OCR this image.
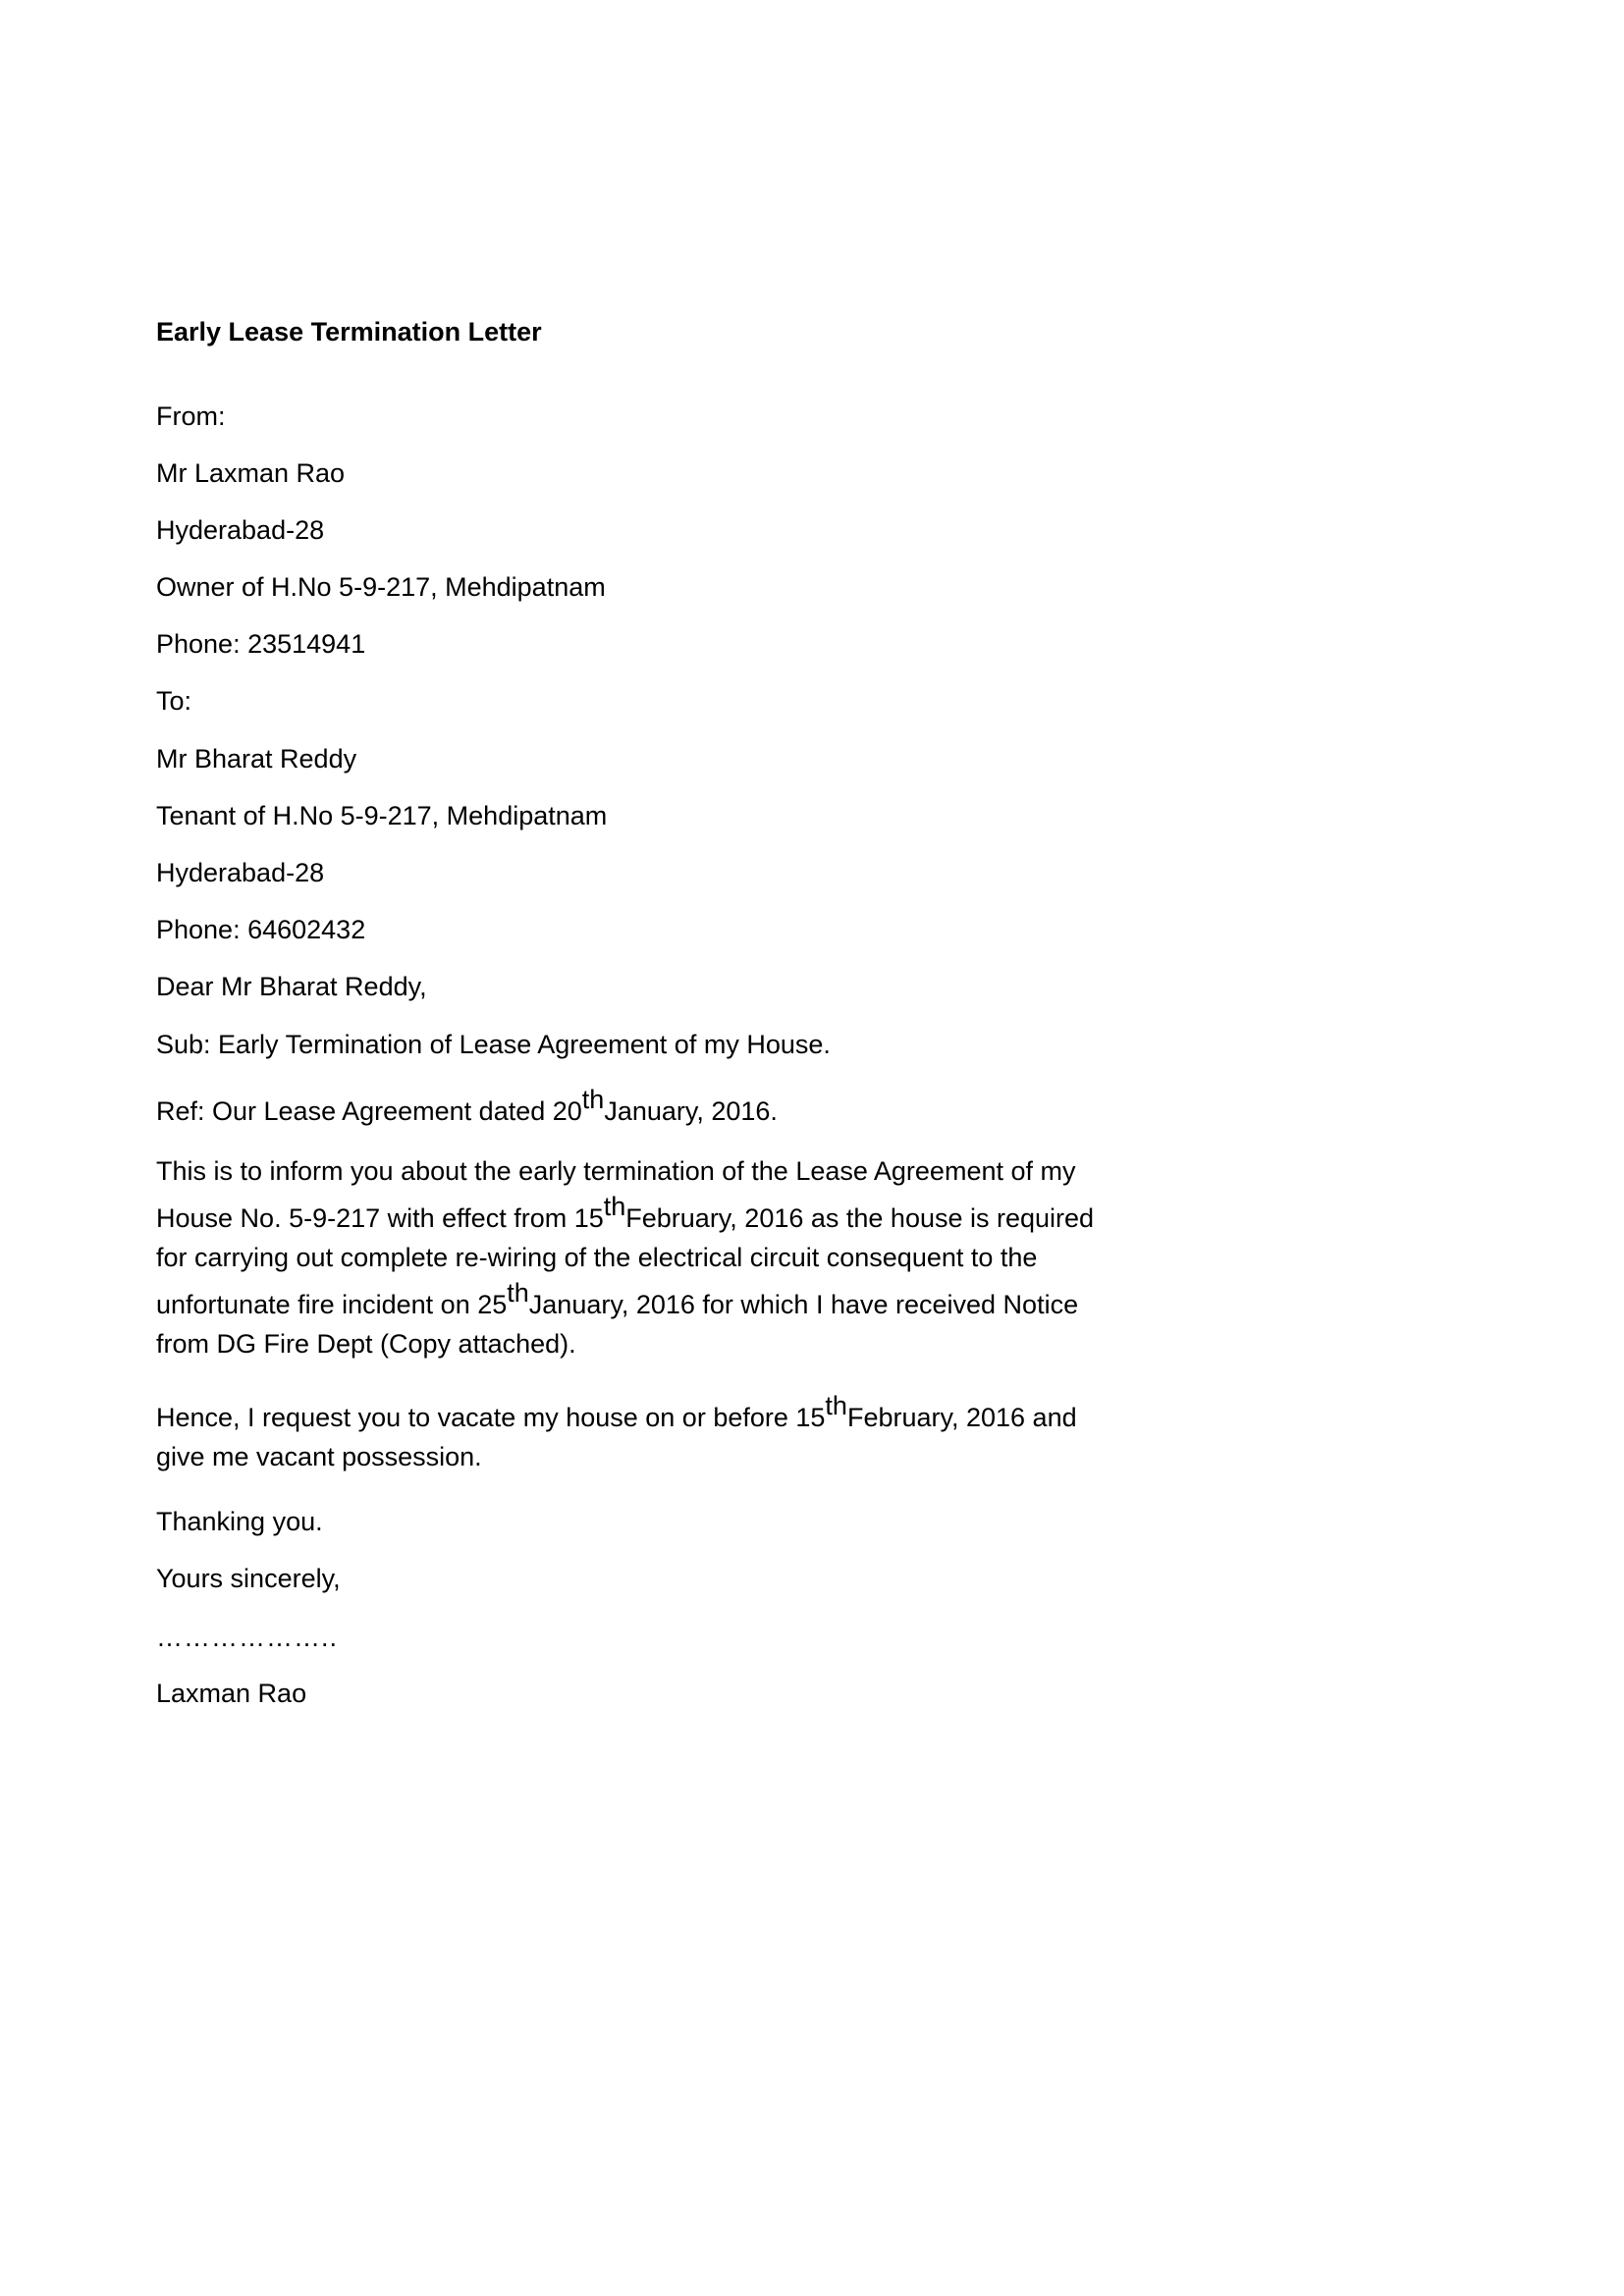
Early Lease Termination Letter
From:
Mr Laxman Rao
Hyderabad-28
Owner of H.No 5-9-217, Mehdipatnam
Phone: 23514941
To:
Mr Bharat Reddy
Tenant of H.No 5-9-217, Mehdipatnam
Hyderabad-28
Phone: 64602432
Dear Mr Bharat Reddy,
Sub: Early Termination of Lease Agreement of my House.
Ref: Our Lease Agreement dated 20thJanuary, 2016.
This is to inform you about the early termination of the Lease Agreement of my
House No. 5-9-217 with effect from 15thFebruary, 2016 as the house is required
for carrying out complete re-wiring of the electrical circuit consequent to the
unfortunate fire incident on 25thJanuary, 2016 for which I have received Notice
from DG Fire Dept (Copy attached).
Hence, I request you to vacate my house on or before 15thFebruary, 2016 and
give me vacant possession.
Thanking you.
Yours sincerely,
………………..
Laxman Rao
